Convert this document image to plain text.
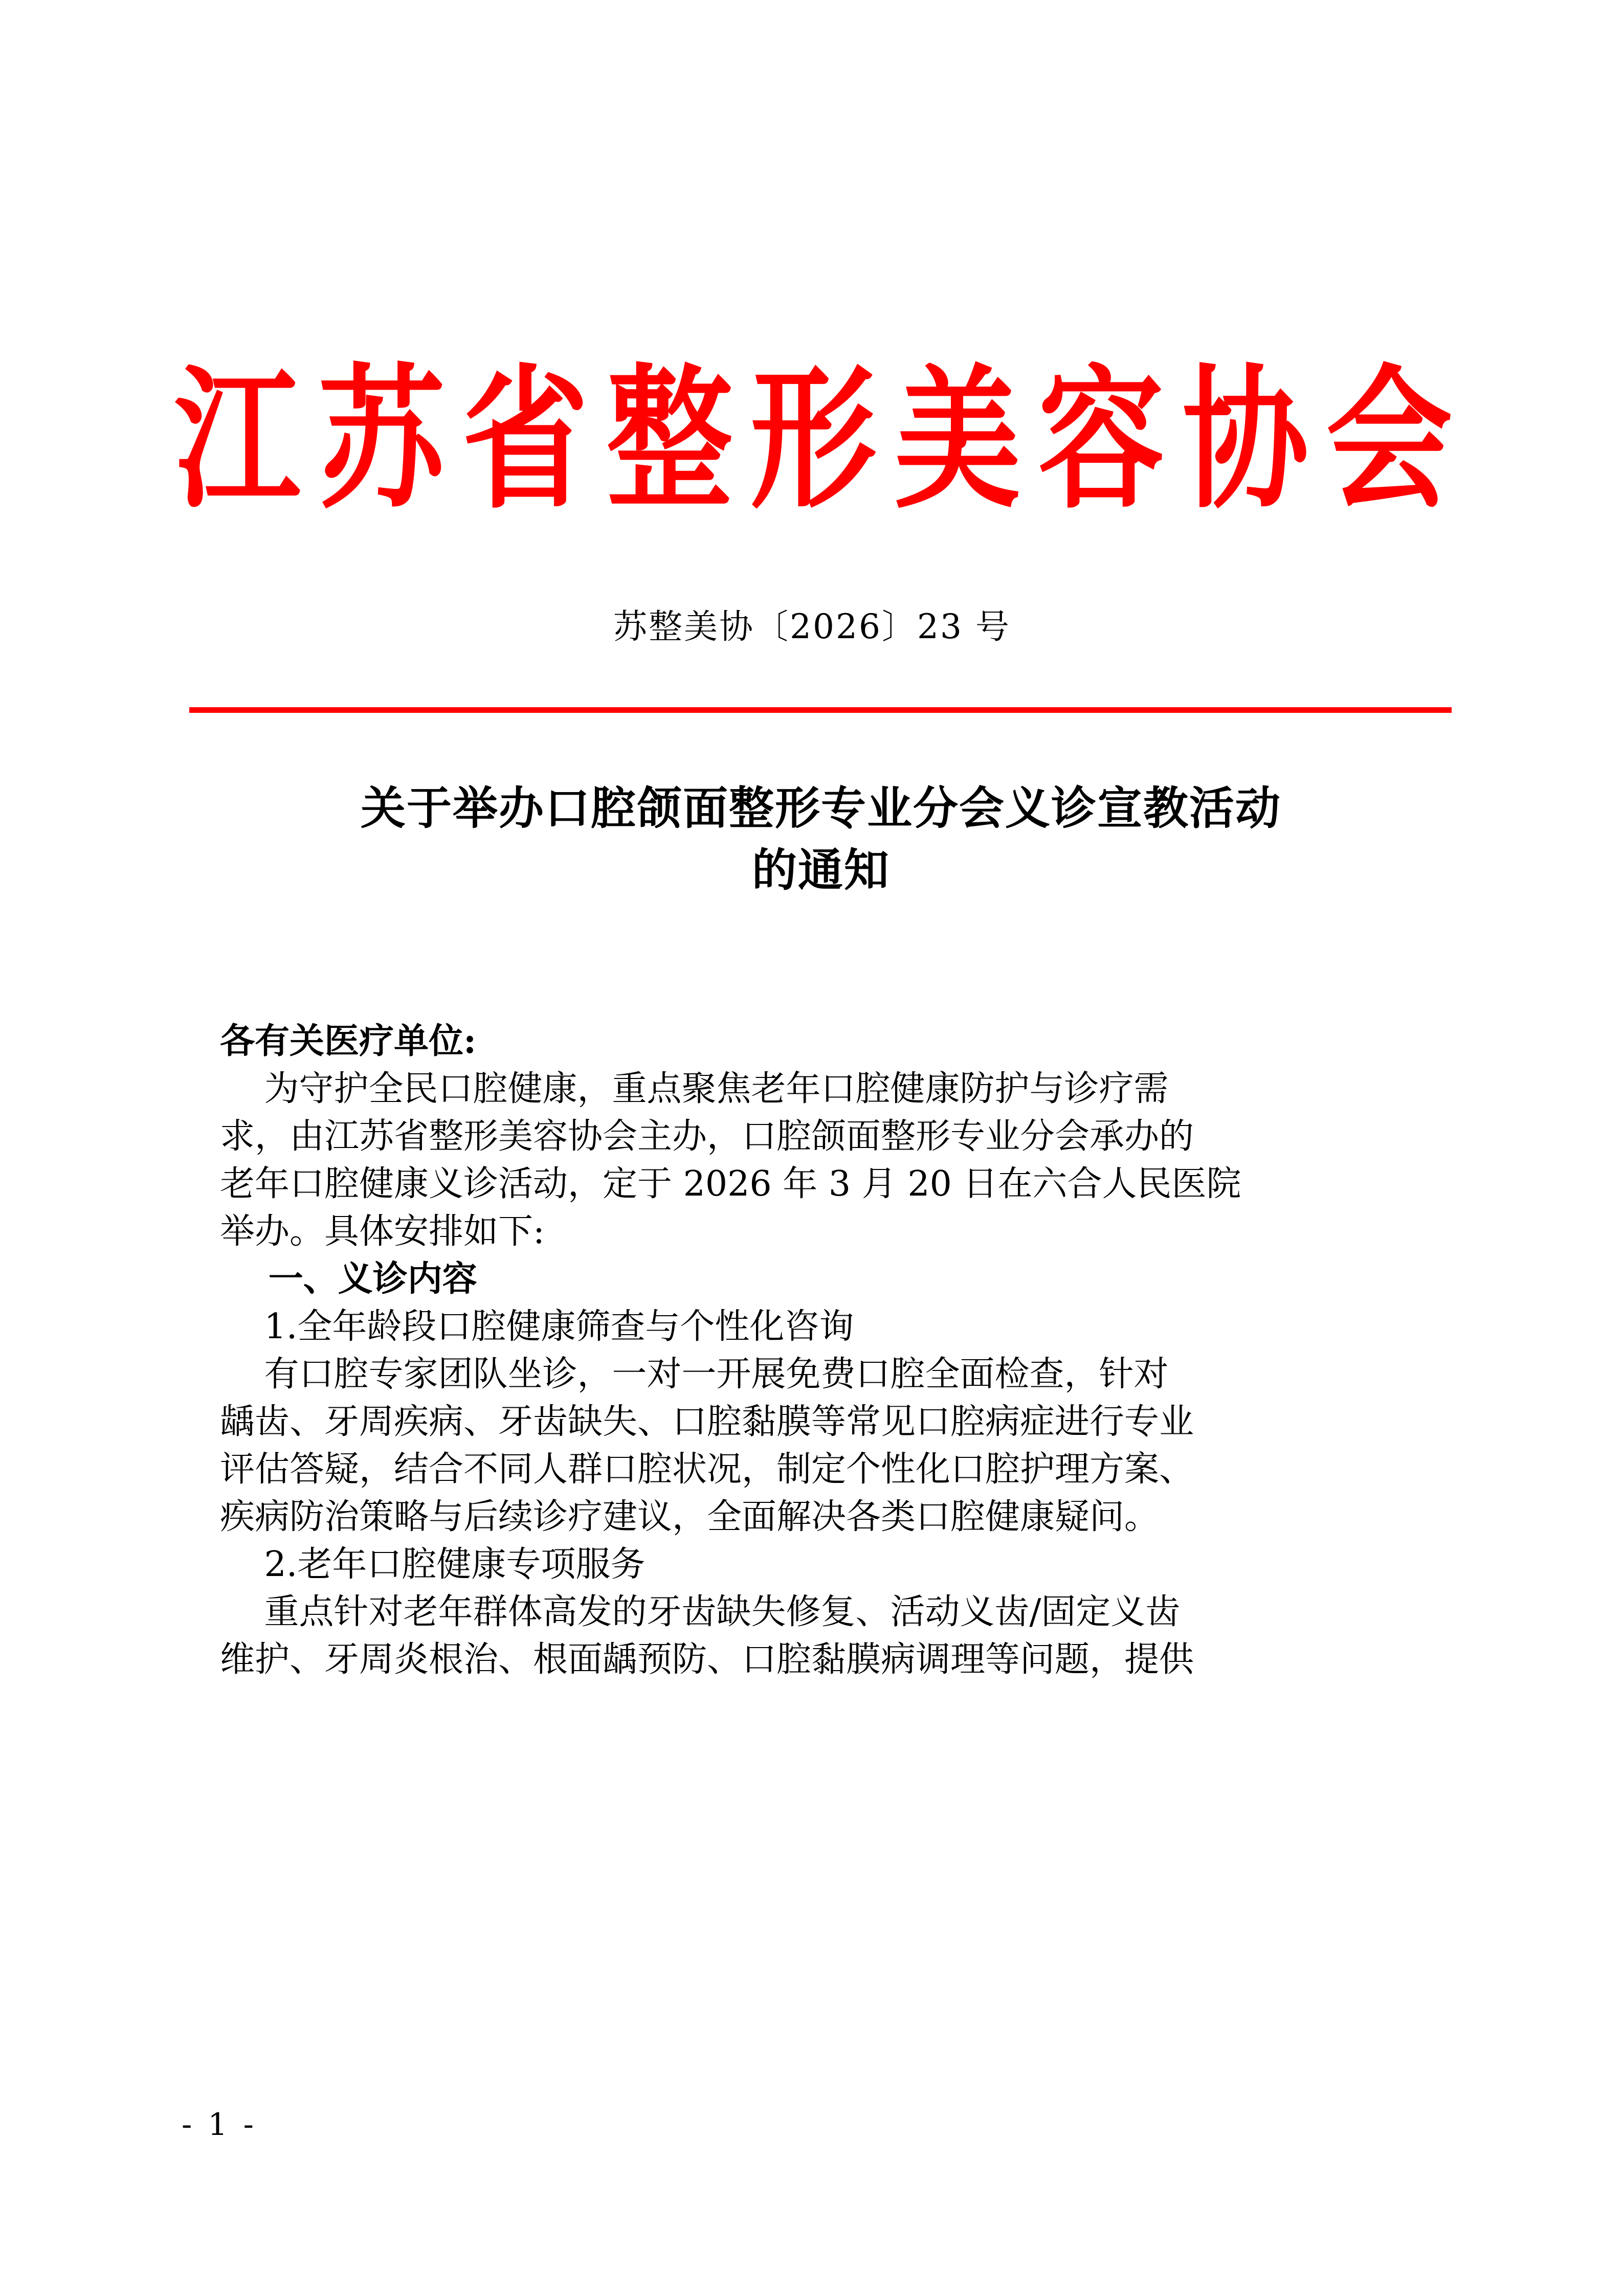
江 苏 省 整 形 美 容 协 会
苏整美协〔2026〕23 号
关于举办口腔颌面整形专业分会义诊宣教活动
的通知
各有关医疗单位:
为守护全民口腔健康，重点聚焦老年口腔健康防护与诊疗需
求，由江苏省整形美容协会主办，口腔颌面整形专业分会承办的
老年口腔健康义诊活动，定于 2026 年 3 月 20 日在六合人民医院
举办。具体安排如下:
一、义诊内容
1.全年龄段口腔健康筛查与个性化咨询
有口腔专家团队坐诊，一对一开展免费口腔全面检查，针对
龋齿、牙周疾病、牙齿缺失、口腔黏膜等常见口腔病症进行专业
评估答疑，结合不同人群口腔状况，制定个性化口腔护理方案、
疾病防治策略与后续诊疗建议，全面解决各类口腔健康疑问。
2.老年口腔健康专项服务
重点针对老年群体高发的牙齿缺失修复、活动义齿/固定义齿
维护、牙周炎根治、根面龋预防、口腔黏膜病调理等问题，提供
- 1 -
